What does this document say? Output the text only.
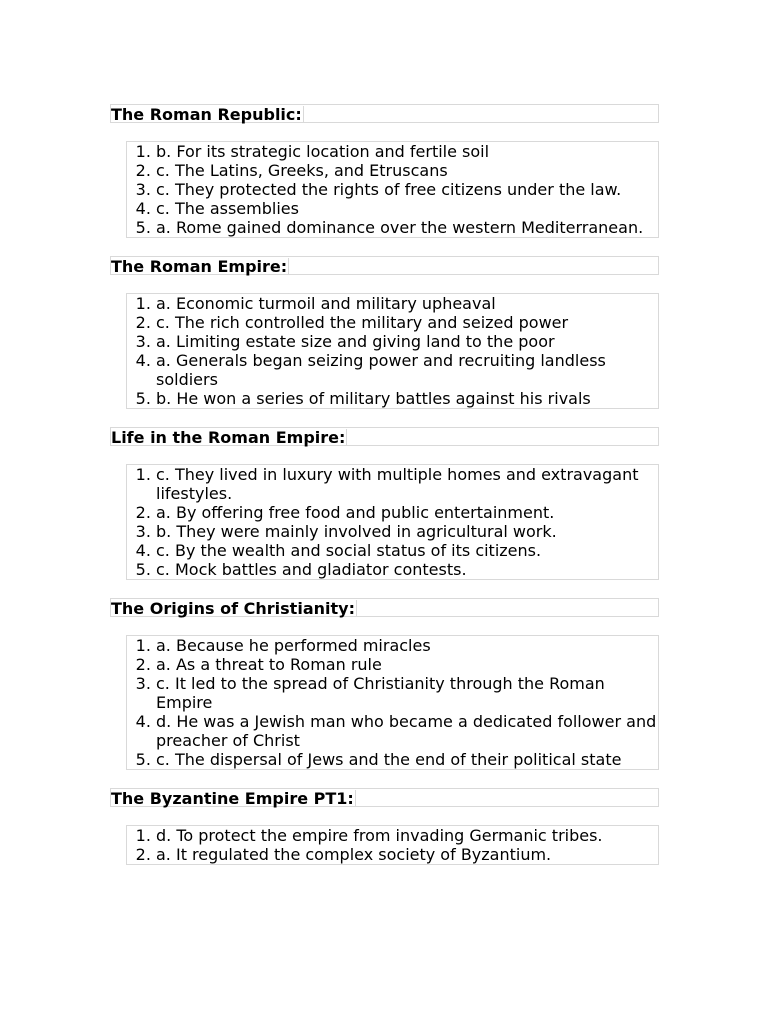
The Roman Republic:
1. b. For its strategic location and fertile soil
2. c. The Latins, Greeks, and Etruscans
3. c. They protected the rights of free citizens under the law.
4. c. The assemblies
5. a. Rome gained dominance over the western Mediterranean.
The Roman Empire:
1. a. Economic turmoil and military upheaval
2. c. The rich controlled the military and seized power
3. a. Limiting estate size and giving land to the poor
4. a. Generals began seizing power and recruiting landless soldiers
5. b. He won a series of military battles against his rivals
Life in the Roman Empire:
1. c. They lived in luxury with multiple homes and extravagant lifestyles.
2. a. By offering free food and public entertainment.
3. b. They were mainly involved in agricultural work.
4. c. By the wealth and social status of its citizens.
5. c. Mock battles and gladiator contests.
The Origins of Christianity:
1. a. Because he performed miracles
2. a. As a threat to Roman rule
3. c. It led to the spread of Christianity through the Roman Empire
4. d. He was a Jewish man who became a dedicated follower and preacher of Christ
5. c. The dispersal of Jews and the end of their political state
The Byzantine Empire PT1:
1. d. To protect the empire from invading Germanic tribes.
2. a. It regulated the complex society of Byzantium.
